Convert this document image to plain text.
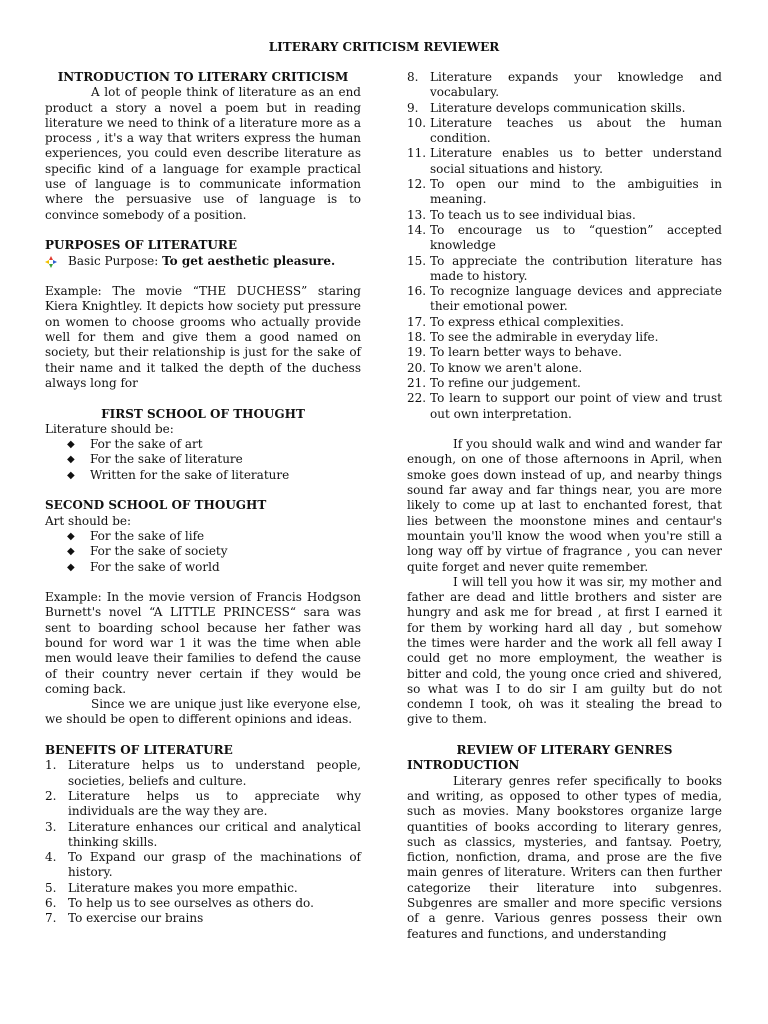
LITERARY CRITICISM REVIEWER

INTRODUCTION TO LITERARY CRITICISM

A lot of people think of literature as an end product a story a novel a poem but in reading literature we need to think of a literature more as a process , it's a way that writers express the human experiences, you could even describe literature as specific kind of a language for example practical use of language is to communicate information where the persuasive use of language is to convince somebody of a position.

PURPOSES OF LITERATURE

Basic Purpose: To get aesthetic pleasure.

Example: The movie “THE DUCHESS” staring Kiera Knightley. It depicts how society put pressure on women to choose grooms who actually provide well for them and give them a good named on society, but their relationship is just for the sake of their name and it talked the depth of the duchess always long for

FIRST SCHOOL OF THOUGHT

Literature should be:

◆ For the sake of art
◆ For the sake of literature
◆ Written for the sake of literature

SECOND SCHOOL OF THOUGHT

Art should be:

◆ For the sake of life
◆ For the sake of society
◆ For the sake of world

Example: In the movie version of Francis Hodgson Burnett's novel “A LITTLE PRINCESS“ sara was sent to boarding school because her father was bound for word war 1 it was the time when able men would leave their families to defend the cause of their country never certain if they would be coming back.

Since we are unique just like everyone else, we should be open to different opinions and ideas.

BENEFITS OF LITERATURE

1. Literature helps us to understand people, societies, beliefs and culture.
2. Literature helps us to appreciate why individuals are the way they are.
3. Literature enhances our critical and analytical thinking skills.
4. To Expand our grasp of the machinations of history.
5. Literature makes you more empathic.
6. To help us to see ourselves as others do.
7. To exercise our brains
8. Literature expands your knowledge and vocabulary.
9. Literature develops communication skills.
10. Literature teaches us about the human condition.
11. Literature enables us to better understand social situations and history.
12. To open our mind to the ambiguities in meaning.
13. To teach us to see individual bias.
14. To encourage us to “question” accepted knowledge
15. To appreciate the contribution literature has made to history.
16. To recognize language devices and appreciate their emotional power.
17. To express ethical complexities.
18. To see the admirable in everyday life.
19. To learn better ways to behave.
20. To know we aren't alone.
21. To refine our judgement.
22. To learn to support our point of view and trust out own interpretation.

If you should walk and wind and wander far enough, on one of those afternoons in April, when smoke goes down instead of up, and nearby things sound far away and far things near, you are more likely to come up at last to enchanted forest, that lies between the moonstone mines and centaur's mountain you'll know the wood when you're still a long way off by virtue of fragrance , you can never quite forget and never quite remember.

I will tell you how it was sir, my mother and father are dead and little brothers and sister are hungry and ask me for bread , at first I earned it for them by working hard all day , but somehow the times were harder and the work all fell away I could get no more employment, the weather is bitter and cold, the young once cried and shivered, so what was I to do sir I am guilty but do not condemn I took, oh was it stealing the bread to give to them.

REVIEW OF LITERARY GENRES

INTRODUCTION

Literary genres refer specifically to books and writing, as opposed to other types of media, such as movies. Many bookstores organize large quantities of books according to literary genres, such as classics, mysteries, and fantsay. Poetry, fiction, nonfiction, drama, and prose are the five main genres of literature. Writers can then further categorize their literature into subgenres. Subgenres are smaller and more specific versions of a genre. Various genres possess their own features and functions, and understanding
